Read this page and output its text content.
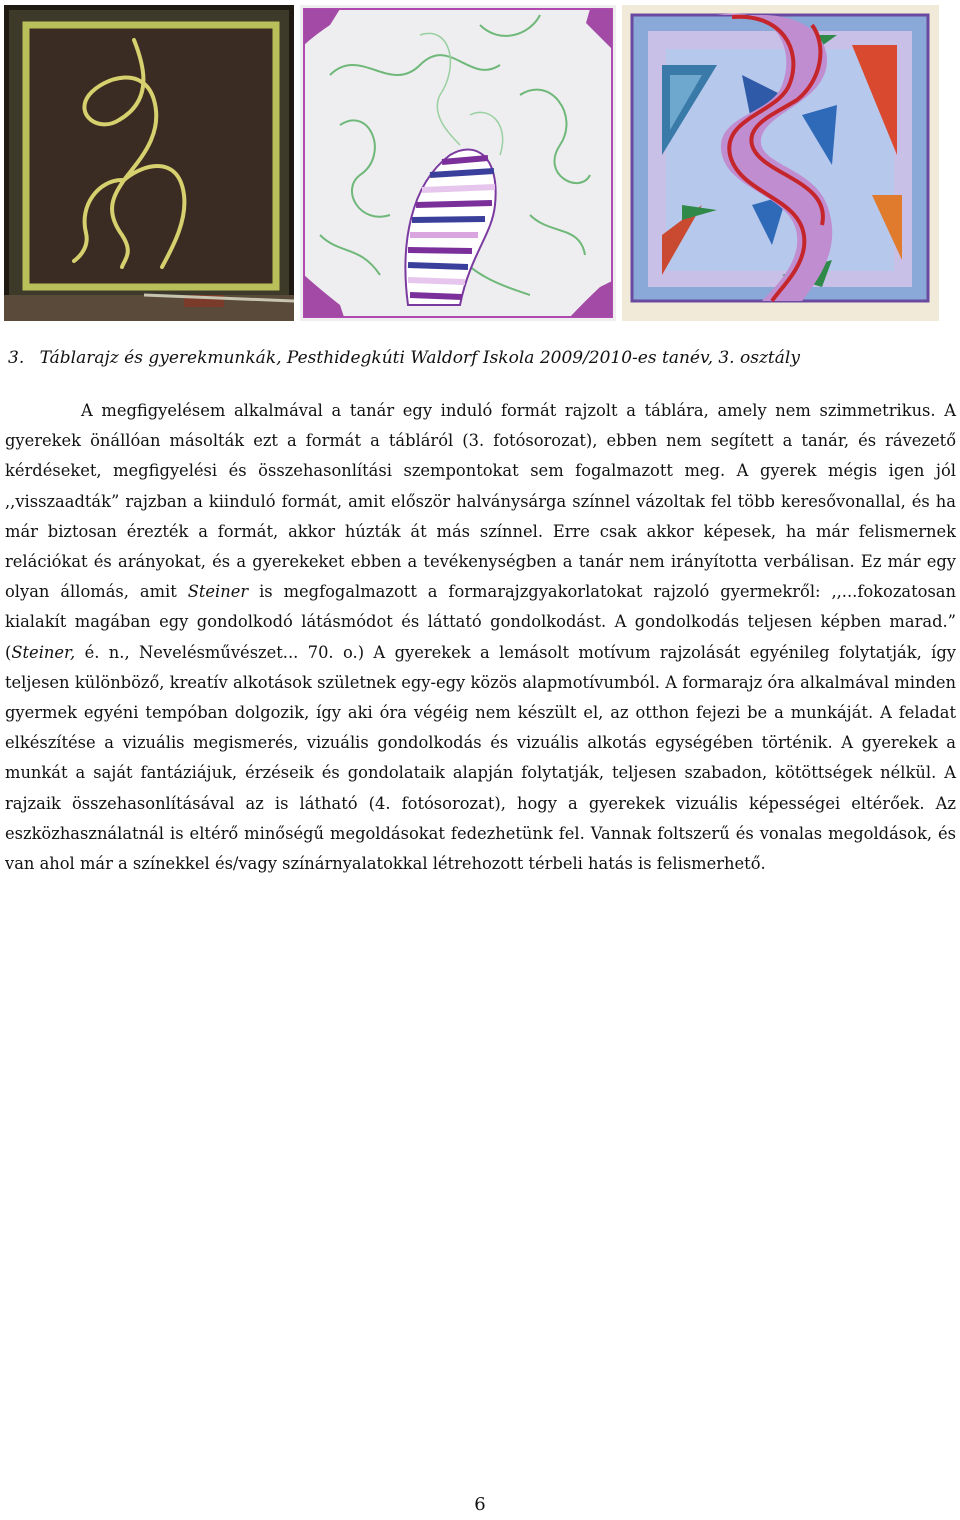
3. Táblarajz és gyerekmunkák, Pesthidegkúti Waldorf Iskola 2009/2010-es tanév, 3. osztály

A megfigyelésem alkalmával a tanár egy induló formát rajzolt a táblára, amely nem szimmetrikus. A gyerekek önállóan másolták ezt a formát a tábláról (3. fotósorozat), ebben nem segített a tanár, és rávezető kérdéseket, megfigyelési és összehasonlítási szempontokat sem fogalmazott meg. A gyerek mégis igen jól ,,visszaadták” rajzban a kiinduló formát, amit először halványsárga színnel vázoltak fel több keresővonallal, és ha már biztosan érezték a formát, akkor húzták át más színnel. Erre csak akkor képesek, ha már felismernek relációkat és arányokat, és a gyerekeket ebben a tevékenységben a tanár nem irányította verbálisan. Ez már egy olyan állomás, amit Steiner is megfogalmazott a formarajzgyakorlatokat rajzoló gyermekről: ,,...fokozatosan kialakít magában egy gondolkodó látásmódot és láttató gondolkodást. A gondolkodás teljesen képben marad.” (Steiner, é. n., Nevelésművészet... 70. o.) A gyerekek a lemásolt motívum rajzolását egyénileg folytatják, így teljesen különböző, kreatív alkotások születnek egy-egy közös alapmotívumból. A formarajz óra alkalmával minden gyermek egyéni tempóban dolgozik, így aki óra végéig nem készült el, az otthon fejezi be a munkáját. A feladat elkészítése a vizuális megismerés, vizuális gondolkodás és vizuális alkotás egységében történik. A gyerekek a munkát a saját fantáziájuk, érzéseik és gondolataik alapján folytatják, teljesen szabadon, kötöttségek nélkül. A rajzaik összehasonlításával az is látható (4. fotósorozat), hogy a gyerekek vizuális képességei eltérőek. Az eszközhasználatnál is eltérő minőségű megoldásokat fedezhetünk fel. Vannak foltszerű és vonalas megoldások, és van ahol már a színekkel és/vagy színárnyalatokkal létrehozott térbeli hatás is felismerhető.

6
